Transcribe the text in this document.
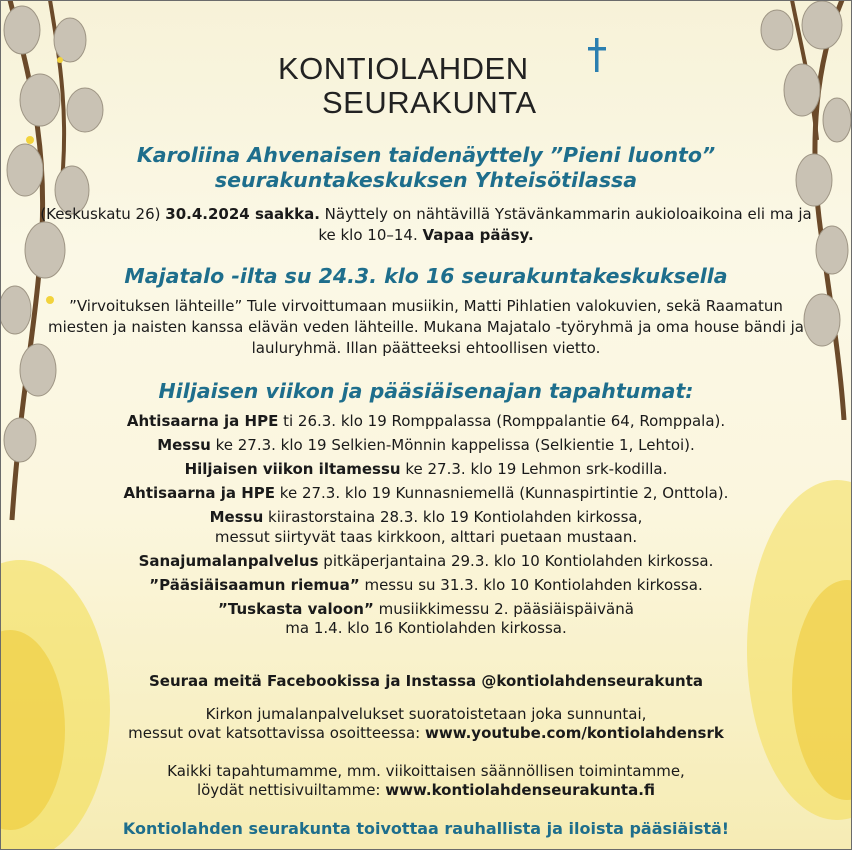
KONTIOLAHDEN
SEURAKUNTA
Karoliina Ahvenaisen taidenäyttely ”Pieni luonto”
seurakuntakeskuksen Yhteisötilassa
(Keskuskatu 26) 30.4.2024 saakka. Näyttely on nähtävillä Ystävänkammarin aukioloaikoina eli ma ja ke klo 10–14. Vapaa pääsy.
Majatalo -ilta su 24.3. klo 16 seurakuntakeskuksella
”Virvoituksen lähteille” Tule virvoittumaan musiikin, Matti Pihlatien valokuvien, sekä Raamatun miesten ja naisten kanssa elävän veden lähteille. Mukana Majatalo -työryhmä ja oma house bändi ja lauluryhmä. Illan päätteeksi ehtoollisen vietto.
Hiljaisen viikon ja pääsiäisenajan tapahtumat:
Ahtisaarna ja HPE ti 26.3. klo 19 Romppalassa (Romppalantie 64, Romppala).
Messu ke 27.3. klo 19 Selkien-Mönnin kappelissa (Selkientie 1, Lehtoi).
Hiljaisen viikon iltamessu ke 27.3. klo 19 Lehmon srk-kodilla.
Ahtisaarna ja HPE ke 27.3. klo 19 Kunnasniemellä (Kunnaspirtintie 2, Onttola).
Messu kiirastorstaina 28.3. klo 19 Kontiolahden kirkossa,
messut siirtyvät taas kirkkoon, alttari puetaan mustaan.
Sanajumalanpalvelus pitkäperjantaina 29.3. klo 10 Kontiolahden kirkossa.
”Pääsiäisaamun riemua” messu su 31.3. klo 10 Kontiolahden kirkossa.
”Tuskasta valoon” musiikkimessu 2. pääsiäispäivänä
ma 1.4. klo 16 Kontiolahden kirkossa.
Seuraa meitä Facebookissa ja Instassa @kontiolahdenseurakunta
Kirkon jumalanpalvelukset suoratoistetaan joka sunnuntai,
messut ovat katsottavissa osoitteessa: www.youtube.com/kontiolahdensrk
Kaikki tapahtumamme, mm. viikoittaisen säännöllisen toimintamme,
löydät nettisivuiltamme: www.kontiolahdenseurakunta.fi
Kontiolahden seurakunta toivottaa rauhallista ja iloista pääsiäistä!
